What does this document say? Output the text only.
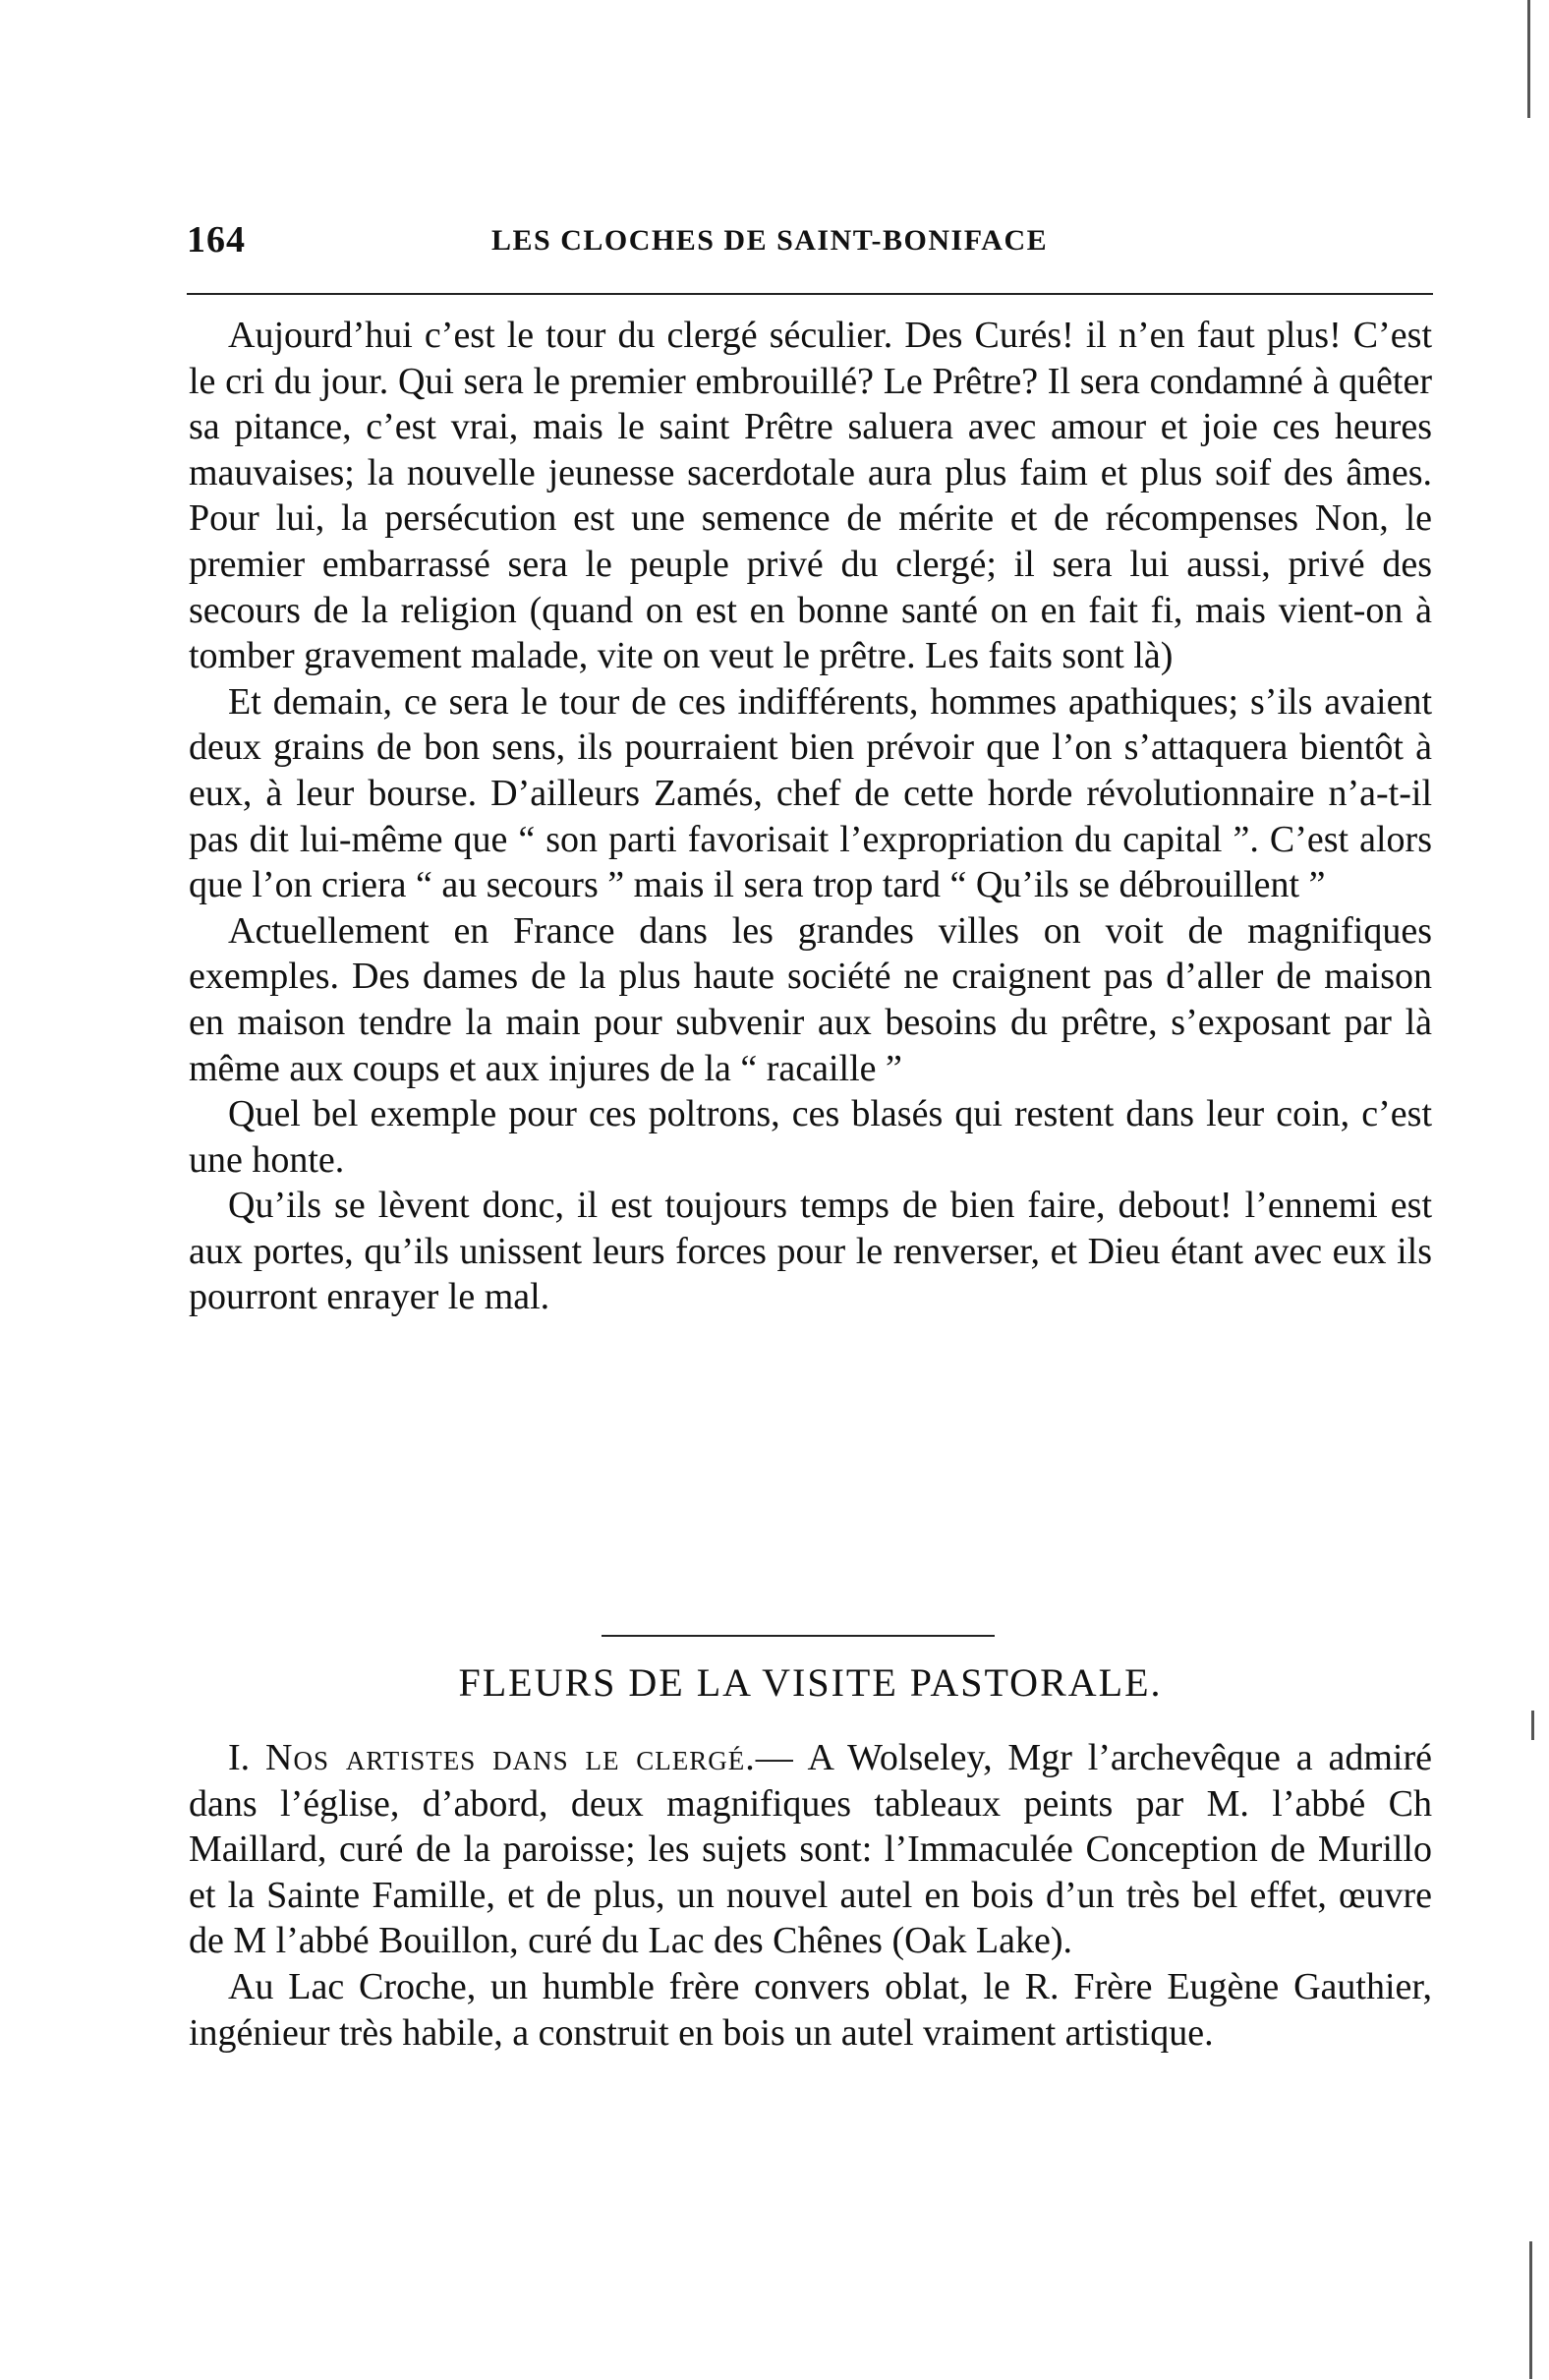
164	LES CLOCHES DE SAINT-BONIFACE

Aujourd’hui c’est le tour du clergé séculier. Des Curés! il n’en faut plus! C’est le cri du jour. Qui sera le premier embrouillé? Le Prêtre? Il sera condamné à quêter sa pitance, c’est vrai, mais le saint Prêtre saluera avec amour et joie ces heures mauvaises; la nouvelle jeunesse sacerdotale aura plus faim et plus soif des âmes. Pour lui, la persécution est une semence de mérite et de récompenses Non, le premier embarrassé sera le peuple privé du clergé; il sera lui aussi, privé des secours de la religion (quand on est en bonne santé on en fait fi, mais vient-on à tomber gravement malade, vite on veut le prêtre. Les faits sont là)

Et demain, ce sera le tour de ces indifférents, hommes apathiques; s’ils avaient deux grains de bon sens, ils pourraient bien prévoir que l’on s’attaquera bientôt à eux, à leur bourse. D’ailleurs Zamés, chef de cette horde révolutionnaire n’a-t-il pas dit lui-même que “ son parti favorisait l’expropriation du capital ”. C’est alors que l’on criera “ au secours ” mais il sera trop tard “ Qu’ils se débrouillent ”

Actuellement en France dans les grandes villes on voit de magnifiques exemples. Des dames de la plus haute société ne craignent pas d’aller de maison en maison tendre la main pour subvenir aux besoins du prêtre, s’exposant par là même aux coups et aux injures de la “ racaille ”

Quel bel exemple pour ces poltrons, ces blasés qui restent dans leur coin, c’est une honte.

Qu’ils se lèvent donc, il est toujours temps de bien faire, debout! l’ennemi est aux portes, qu’ils unissent leurs forces pour le renverser, et Dieu étant avec eux ils pourront enrayer le mal.

FLEURS DE LA VISITE PASTORALE.

I. Nos artistes dans le clergé.— A Wolseley, Mgr l’archevêque a admiré dans l’église, d’abord, deux magnifiques tableaux peints par M. l’abbé Ch Maillard, curé de la paroisse; les sujets sont: l’Immaculée Conception de Murillo et la Sainte Famille, et de plus, un nouvel autel en bois d’un très bel effet, œuvre de M l’abbé Bouillon, curé du Lac des Chênes (Oak Lake).

Au Lac Croche, un humble frère convers oblat, le R. Frère Eugène Gauthier, ingénieur très habile, a construit en bois un autel vraiment artistique.
